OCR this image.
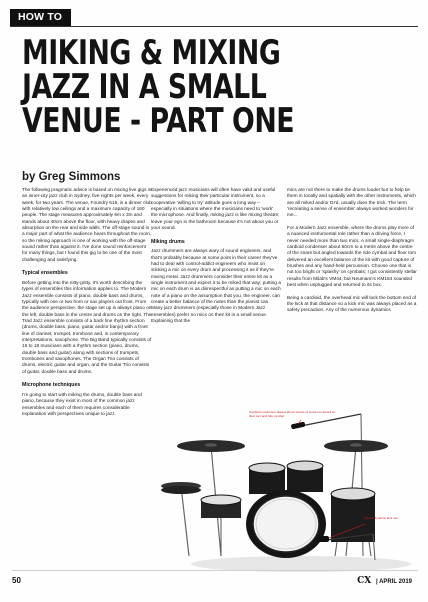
HOW TO
MIKING & MIXING
JAZZ IN A SMALL
VENUE - PART ONE
by Greg Simmons

The following pragmatic advice is based on mixing live gigs in an inner-city jazz club in Sydney, five nights per week, every week, for two years. The venue, Foundry 616, is a dinner club with relatively low ceilings and a maximum capacity of 160 people. The stage measures approximately 6m x 3m and stands about 40cm above the floor, with heavy drapes and absorption on the rear and side walls. The off-stage sound is a major part of what the audience hears throughout the room, so the miking approach is one of working with the off-stage sound rather than against it. I've done sound reinforcement for many things, but I found this gig to be one of the most challenging and satisfying.

Typical ensembles

Before getting into the nitty-gritty, it's worth describing the types of ensembles this information applies to. The Modern Jazz ensemble consists of piano, double bass and drums, typically with one or two horn or sax players out front. From the audience perspective, the stage set up is always piano on the left, double bass in the centre and drums on the right. The Trad Jazz ensemble consists of a back line rhythm section (drums, double bass, piano, guitar and/or banjo) with a front line of clarinet, trumpet, trombone and, in contemporary interpretations, saxophone. The Big Band typically consists of 16 to 18 musicians with a rhythm section (piano, drums, double bass and guitar) along with sections of trumpets, trombones and saxophones. The Organ Trio consists of drums, electric guitar and organ, and the Guitar Trio consists of guitar, double bass and drums.

Microphone techniques

I'm going to start with miking the drums, double bass and piano, because they exist in most of the common jazz ensembles and each of them requires considerable explanation with perspectives unique to jazz.

Experienced jazz musicians will often have valid and useful suggestions for miking their particular instrument, so a cooperative 'willing to try' attitude goes a long way – especially in situations where the musicians need to 'work' the microphone. And finally, miking jazz is like mixing theatre; leave your ego in the bathroom because it's not about you or your sound.

Miking drums

Jazz drummers are always wary of sound engineers, and that's probably because at some point in their career they've had to deal with control-addict engineers who insist on sticking a mic on every drum and processing it as if they're mixing metal. Jazz drummers consider their entire kit as a single instrument and expect it to be miked that way; putting a mic on each drum is as disrespectful as putting a mic on each note of a piano on the assumption that you, the engineer, can create a better balance of the notes than the pianist can. Many jazz drummers (especially those in Modern Jazz ensembles) prefer no mics on their kit in a small venue. Explaining that the

mics are not there to make the drums louder but to help tie them in tonally and spatially with the other instruments, which are all miked and/or DI'd, usually does the trick. The term 'recreating a sense of ensemble' always worked wonders for me...

For a Modern Jazz ensemble, where the drums play more of a nuanced instrumental role rather than a driving force, I never needed more than two mics. A small single-diaphragm cardioid condenser about 60cm to a metre above the centre of the snare but angled towards the ride cymbal and floor tom delivered an excellent balance of the kit with good capture of brushes and any hand-held percussion. Choose one that is not too bright or 'splashy' on cymbals; I got consistently stellar results from Milab's VM44, but Neumann's KM184 sounded best when unplugged and returned to its box.

Being a cardioid, the overhead mic will lack the bottom end of the kick at that distance so a kick mic was always placed as a safety precaution. Any of the numerous dynamics

Cardioid condenser placed above centre of snare but aimed at floor tom and ride cymbal
Typical dynamic kick mic
50	CX | APRIL 2019
